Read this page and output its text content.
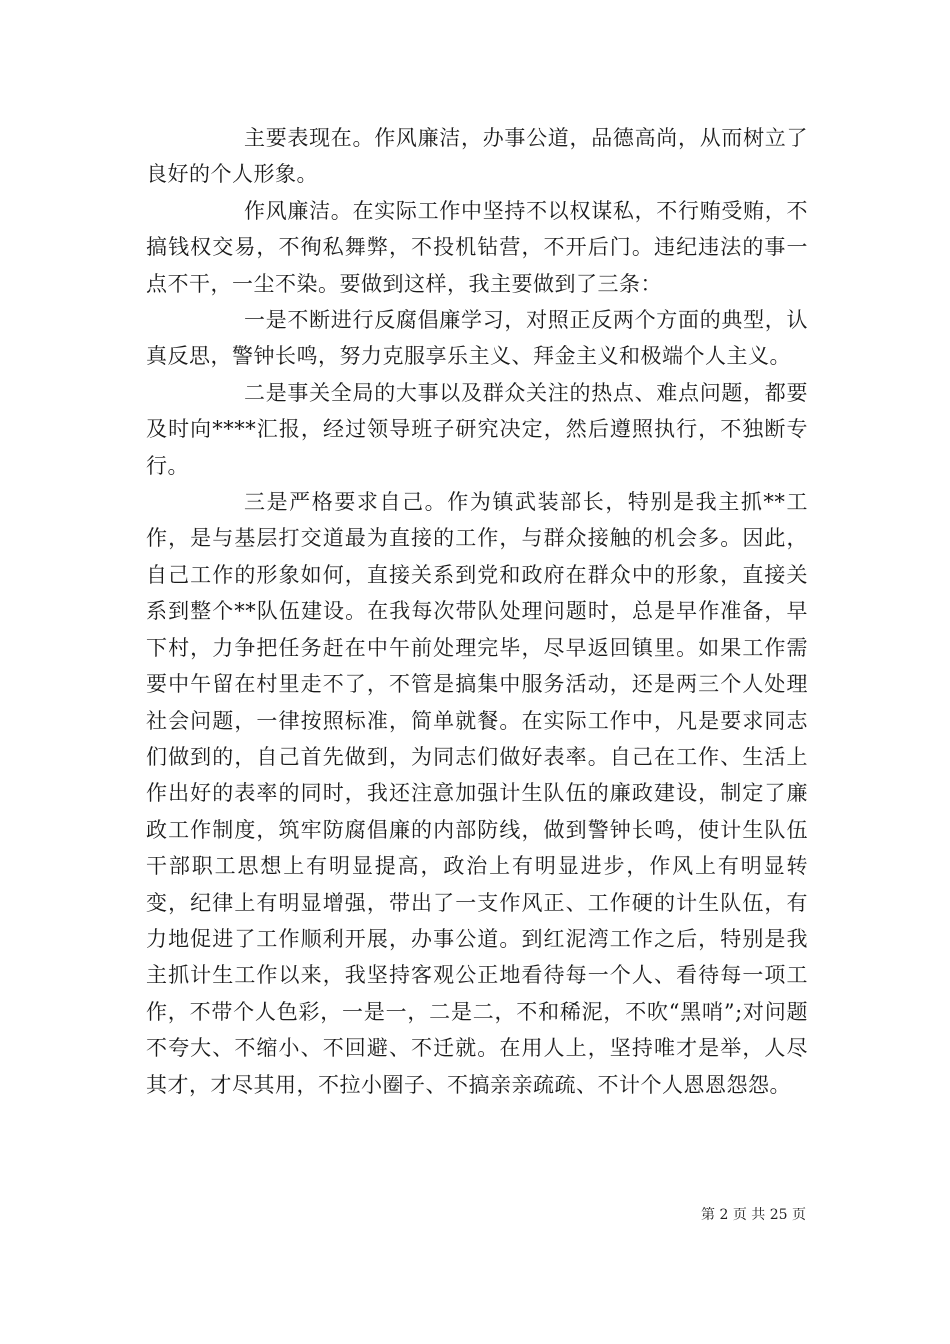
主要表现在。作风廉洁，办事公道，品德高尚，从而树立了良好的个人形象。

作风廉洁。在实际工作中坚持不以权谋私，不行贿受贿，不搞钱权交易，不徇私舞弊，不投机钻营，不开后门。违纪违法的事一点不干，一尘不染。要做到这样，我主要做到了三条：

一是不断进行反腐倡廉学习，对照正反两个方面的典型，认真反思，警钟长鸣，努力克服享乐主义、拜金主义和极端个人主义。

二是事关全局的大事以及群众关注的热点、难点问题，都要及时向****汇报，经过领导班子研究决定，然后遵照执行，不独断专行。

三是严格要求自己。作为镇武装部长，特别是我主抓**工作，是与基层打交道最为直接的工作，与群众接触的机会多。因此，自己工作的形象如何，直接关系到党和政府在群众中的形象，直接关系到整个**队伍建设。在我每次带队处理问题时，总是早作准备，早下村，力争把任务赶在中午前处理完毕，尽早返回镇里。如果工作需要中午留在村里走不了，不管是搞集中服务活动，还是两三个人处理社会问题，一律按照标准，简单就餐。在实际工作中，凡是要求同志们做到的，自己首先做到，为同志们做好表率。自己在工作、生活上作出好的表率的同时，我还注意加强计生队伍的廉政建设，制定了廉政工作制度，筑牢防腐倡廉的内部防线，做到警钟长鸣，使计生队伍干部职工思想上有明显提高，政治上有明显进步，作风上有明显转变，纪律上有明显增强，带出了一支作风正、工作硬的计生队伍，有力地促进了工作顺利开展，办事公道。到红泥湾工作之后，特别是我主抓计生工作以来，我坚持客观公正地看待每一个人、看待每一项工作，不带个人色彩，一是一，二是二，不和稀泥，不吹“黑哨”;对问题不夸大、不缩小、不回避、不迁就。在用人上，坚持唯才是举，人尽其才，才尽其用，不拉小圈子、不搞亲亲疏疏、不计个人恩恩怨怨。

第 2 页 共 25 页
